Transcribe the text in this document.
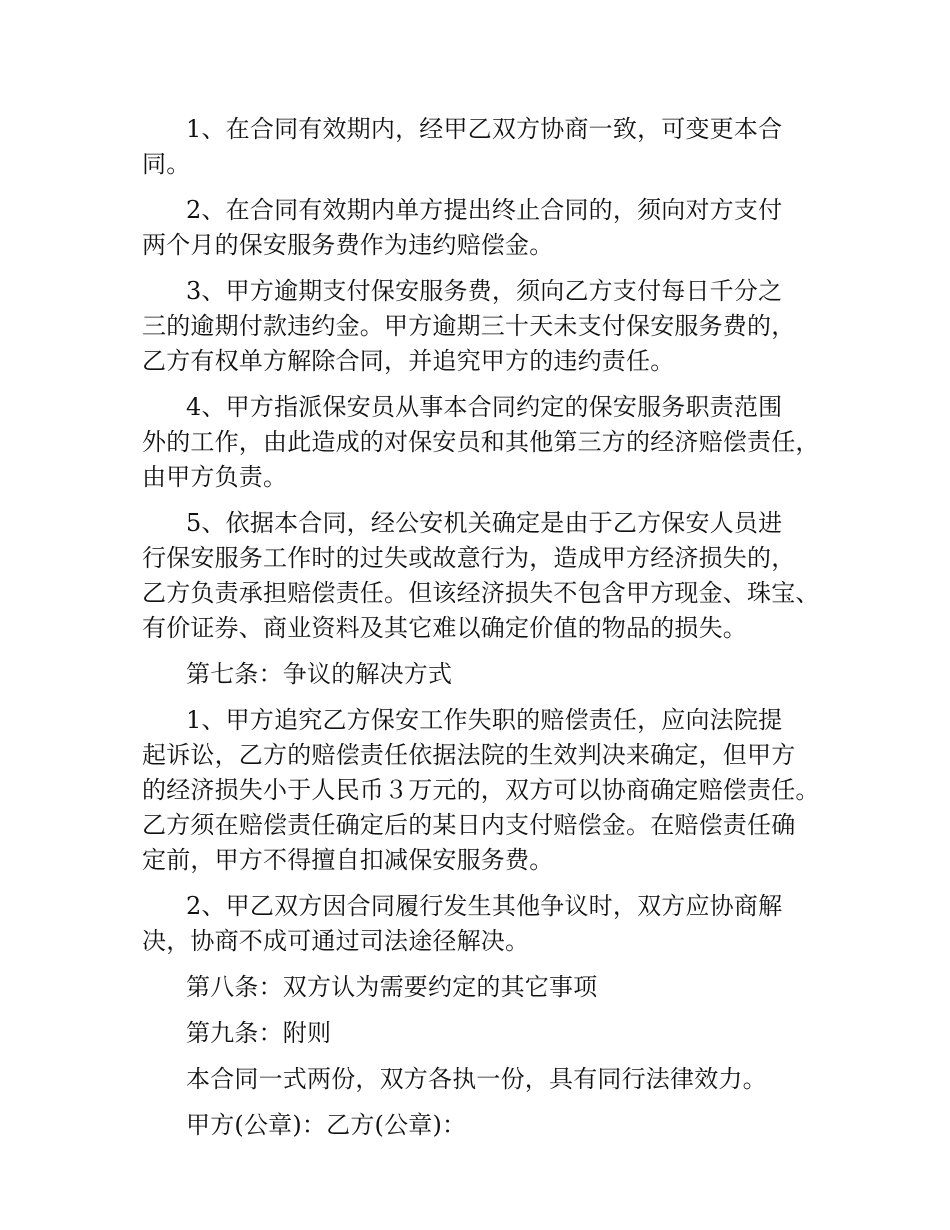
1、在合同有效期内，经甲乙双方协商一致，可变更本合
同。
2、在合同有效期内单方提出终止合同的，须向对方支付
两个月的保安服务费作为违约赔偿金。
3、甲方逾期支付保安服务费，须向乙方支付每日千分之
三的逾期付款违约金。甲方逾期三十天未支付保安服务费的，
乙方有权单方解除合同，并追究甲方的违约责任。
4、甲方指派保安员从事本合同约定的保安服务职责范围
外的工作，由此造成的对保安员和其他第三方的经济赔偿责任，
由甲方负责。
5、依据本合同，经公安机关确定是由于乙方保安人员进
行保安服务工作时的过失或故意行为，造成甲方经济损失的，
乙方负责承担赔偿责任。但该经济损失不包含甲方现金、珠宝、
有价证券、商业资料及其它难以确定价值的物品的损失。
第七条：争议的解决方式
1、甲方追究乙方保安工作失职的赔偿责任，应向法院提
起诉讼，乙方的赔偿责任依据法院的生效判决来确定，但甲方
的经济损失小于人民币３万元的，双方可以协商确定赔偿责任。
乙方须在赔偿责任确定后的某日内支付赔偿金。在赔偿责任确
定前，甲方不得擅自扣减保安服务费。
2、甲乙双方因合同履行发生其他争议时，双方应协商解
决，协商不成可通过司法途径解决。
第八条：双方认为需要约定的其它事项
第九条：附则
本合同一式两份，双方各执一份，具有同行法律效力。
甲方(公章)：乙方(公章)：
